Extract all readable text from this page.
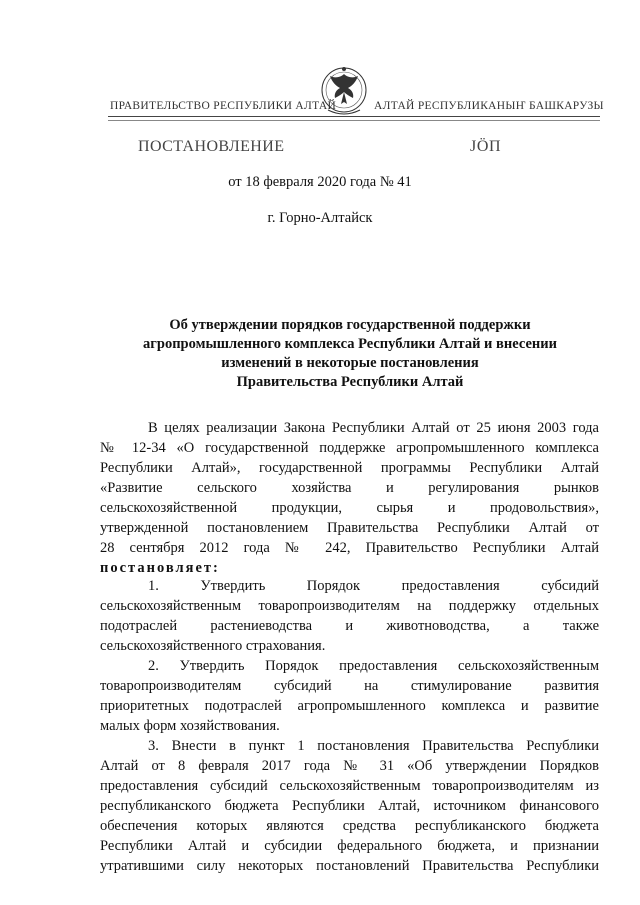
ПРАВИТЕЛЬСТВО РЕСПУБЛИКИ АЛТАЙ	АЛТАЙ РЕСПУБЛИКАНЫҤ БАШКАРУЗЫ
ПОСТАНОВЛЕНИЕ	ЈӦП
от 18 февраля 2020 года № 41
г. Горно-Алтайск
Об утверждении порядков государственной поддержки
агропромышленного комплекса Республики Алтай и внесении
изменений в некоторые постановления
Правительства Республики Алтай
В целях реализации Закона Республики Алтай от 25 июня 2003 года
№ 12-34 «О государственной поддержке агропромышленного комплекса
Республики Алтай», государственной программы Республики Алтай
«Развитие сельского хозяйства и регулирования рынков
сельскохозяйственной продукции, сырья и продовольствия»,
утвержденной постановлением Правительства Республики Алтай от
28 сентября 2012 года № 242, Правительство Республики Алтай
постановляет:
1. Утвердить Порядок предоставления субсидий
сельскохозяйственным товаропроизводителям на поддержку отдельных
подотраслей растениеводства и животноводства, а также
сельскохозяйственного страхования.
2. Утвердить Порядок предоставления сельскохозяйственным
товаропроизводителям субсидий на стимулирование развития
приоритетных подотраслей агропромышленного комплекса и развитие
малых форм хозяйствования.
3. Внести в пункт 1 постановления Правительства Республики
Алтай от 8 февраля 2017 года № 31 «Об утверждении Порядков
предоставления субсидий сельскохозяйственным товаропроизводителям из
республиканского бюджета Республики Алтай, источником финансового
обеспечения которых являются средства республиканского бюджета
Республики Алтай и субсидии федерального бюджета, и признании
утратившими силу некоторых постановлений Правительства Республики
